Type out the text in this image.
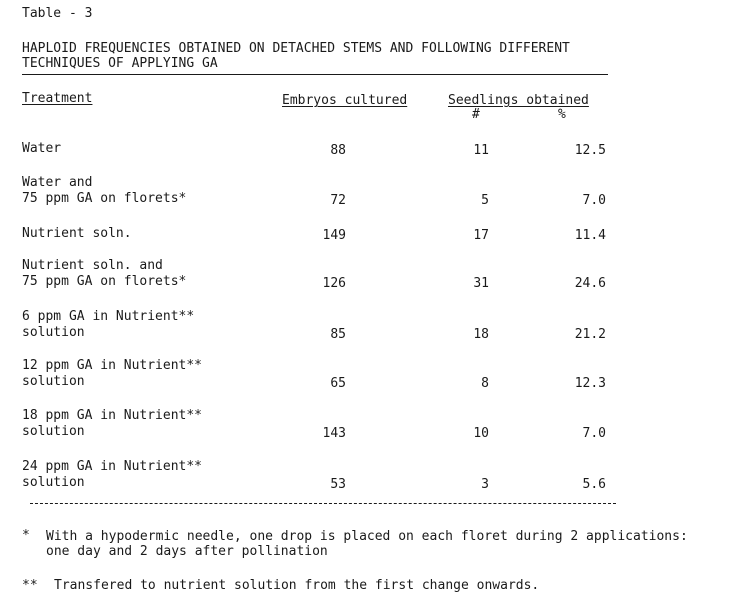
Table - 3
HAPLOID FREQUENCIES OBTAINED ON DETACHED STEMS AND FOLLOWING DIFFERENT
TECHNIQUES OF APPLYING GA
Treatment	Embryos cultured	Seedlings obtained
#	%
Water	88	11	12.5
Water and
75 ppm GA on florets*	72	5	7.0
Nutrient soln.	149	17	11.4
Nutrient soln. and
75 ppm GA on florets*	126	31	24.6
6 ppm GA in Nutrient**
solution	85	18	21.2
12 ppm GA in Nutrient**
solution	65	8	12.3
18 ppm GA in Nutrient**
solution	143	10	7.0
24 ppm GA in Nutrient**
solution	53	3	5.6
* With a hypodermic needle, one drop is placed on each floret during 2 applications:
one day and 2 days after pollination
** Transfered to nutrient solution from the first change onwards.
